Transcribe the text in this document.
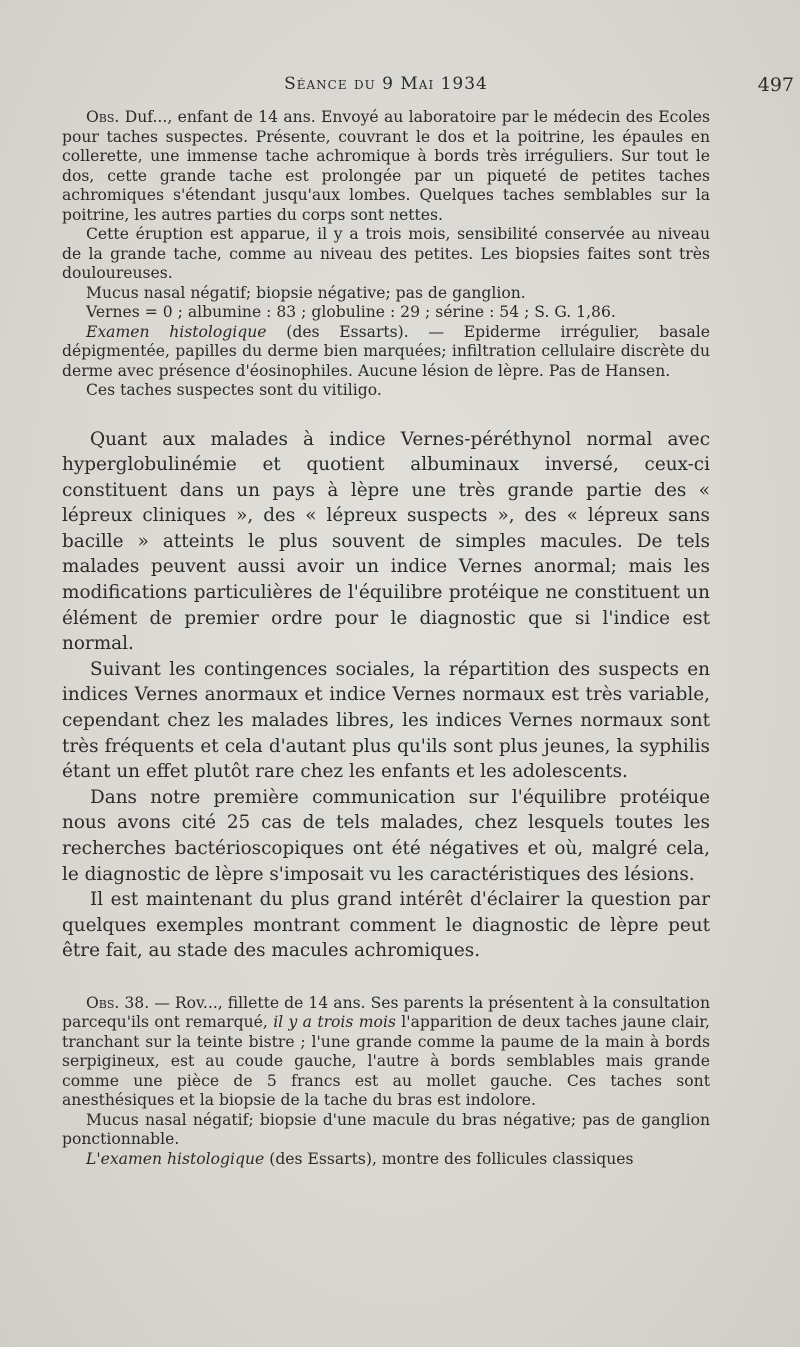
Séance du 9 Mai 1934	497

Obs. Duf..., enfant de 14 ans. Envoyé au laboratoire par le médecin des Ecoles pour taches suspectes. Présente, couvrant le dos et la poitrine, les épaules en collerette, une immense tache achromique à bords très irréguliers. Sur tout le dos, cette grande tache est prolongée par un piqueté de petites taches achromiques s'étendant jusqu'aux lombes. Quelques taches semblables sur la poitrine, les autres parties du corps sont nettes.

Cette éruption est apparue, il y a trois mois, sensibilité conservée au niveau de la grande tache, comme au niveau des petites. Les biopsies faites sont très douloureuses.

Mucus nasal négatif; biopsie négative; pas de ganglion.

Vernes = 0 ; albumine : 83 ; globuline : 29 ; sérine : 54 ; S. G. 1,86.

Examen histologique (des Essarts). — Epiderme irrégulier, basale dépigmentée, papilles du derme bien marquées; infiltration cellulaire discrète du derme avec présence d'éosinophiles. Aucune lésion de lèpre. Pas de Hansen.

Ces taches suspectes sont du vitiligo.

Quant aux malades à indice Vernes-péréthynol normal avec hyperglobulinémie et quotient albuminaux inversé, ceux-ci constituent dans un pays à lèpre une très grande partie des « lépreux cliniques », des « lépreux suspects », des « lépreux sans bacille » atteints le plus souvent de simples macules. De tels malades peuvent aussi avoir un indice Vernes anormal; mais les modifications particulières de l'équilibre protéique ne constituent un élément de premier ordre pour le diagnostic que si l'indice est normal.

Suivant les contingences sociales, la répartition des suspects en indices Vernes anormaux et indice Vernes normaux est très variable, cependant chez les malades libres, les indices Vernes normaux sont très fréquents et cela d'autant plus qu'ils sont plus jeunes, la syphilis étant un effet plutôt rare chez les enfants et les adolescents.

Dans notre première communication sur l'équilibre protéique nous avons cité 25 cas de tels malades, chez lesquels toutes les recherches bactérioscopiques ont été négatives et où, malgré cela, le diagnostic de lèpre s'imposait vu les caractéristiques des lésions.

Il est maintenant du plus grand intérêt d'éclairer la question par quelques exemples montrant comment le diagnostic de lèpre peut être fait, au stade des macules achromiques.

Obs. 38. — Rov..., fillette de 14 ans. Ses parents la présentent à la consultation parcequ'ils ont remarqué, il y a trois mois l'apparition de deux taches jaune clair, tranchant sur la teinte bistre ; l'une grande comme la paume de la main à bords serpigineux, est au coude gauche, l'autre à bords semblables mais grande comme une pièce de 5 francs est au mollet gauche. Ces taches sont anesthésiques et la biopsie de la tache du bras est indolore.

Mucus nasal négatif; biopsie d'une macule du bras négative; pas de ganglion ponctionnable.

L'examen histologique (des Essarts), montre des follicules classiques
